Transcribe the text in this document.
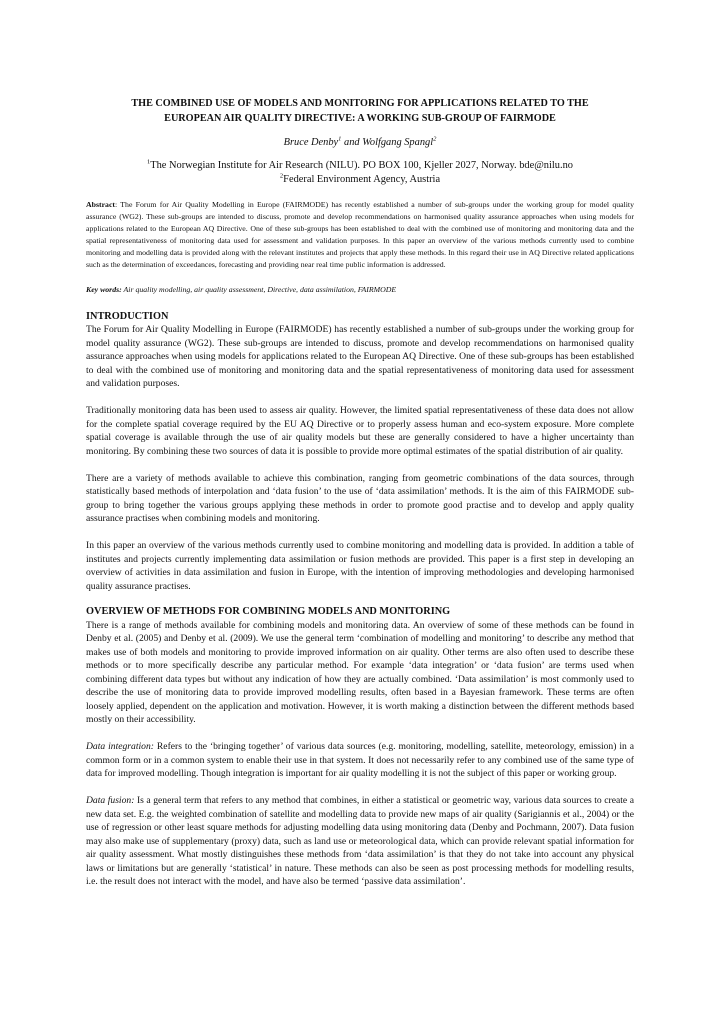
THE COMBINED USE OF MODELS AND MONITORING FOR APPLICATIONS RELATED TO THE
EUROPEAN AIR QUALITY DIRECTIVE: A WORKING SUB-GROUP OF FAIRMODE
Bruce Denby$^1$ and Wolfgang Spangl$^2$
$^1$The Norwegian Institute for Air Research (NILU). PO BOX 100, Kjeller 2027, Norway. bde@nilu.no
$^2$Federal Environment Agency, Austria
Abstract: The Forum for Air Quality Modelling in Europe (FAIRMODE) has recently established a number of sub-groups under the working group for model quality assurance (WG2). These sub-groups are intended to discuss, promote and develop recommendations on harmonised quality assurance approaches when using models for applications related to the European AQ Directive. One of these sub-groups has been established to deal with the combined use of monitoring and monitoring data and the spatial representativeness of monitoring data used for assessment and validation purposes. In this paper an overview of the various methods currently used to combine monitoring and modelling data is provided along with the relevant institutes and projects that apply these methods. In this regard their use in AQ Directive related applications such as the determination of exceedances, forecasting and providing near real time public information is addressed.
Key words: Air quality modelling, air quality assessment, Directive, data assimilation, FAIRMODE
INTRODUCTION

The Forum for Air Quality Modelling in Europe (FAIRMODE) has recently established a number of sub-groups under the working group for model quality assurance (WG2). These sub-groups are intended to discuss, promote and develop recommendations on harmonised quality assurance approaches when using models for applications related to the European AQ Directive. One of these sub-groups has been established to deal with the combined use of monitoring and monitoring data and the spatial representativeness of monitoring data used for assessment and validation purposes.

Traditionally monitoring data has been used to assess air quality. However, the limited spatial representativeness of these data does not allow for the complete spatial coverage required by the EU AQ Directive or to properly assess human and eco-system exposure. More complete spatial coverage is available through the use of air quality models but these are generally considered to have a higher uncertainty than monitoring. By combining these two sources of data it is possible to provide more optimal estimates of the spatial distribution of air quality.

There are a variety of methods available to achieve this combination, ranging from geometric combinations of the data sources, through statistically based methods of interpolation and ‘data fusion’ to the use of ‘data assimilation’ methods. It is the aim of this FAIRMODE sub-group to bring together the various groups applying these methods in order to promote good practise and to develop and apply quality assurance practises when combining models and monitoring.

In this paper an overview of the various methods currently used to combine monitoring and modelling data is provided. In addition a table of institutes and projects currently implementing data assimilation or fusion methods are provided. This paper is a first step in developing an overview of activities in data assimilation and fusion in Europe, with the intention of improving methodologies and developing harmonised quality assurance practises.

OVERVIEW OF METHODS FOR COMBINING MODELS AND MONITORING

There is a range of methods available for combining models and monitoring data. An overview of some of these methods can be found in Denby et al. (2005) and Denby et al. (2009). We use the general term ‘combination of modelling and monitoring’ to describe any method that makes use of both models and monitoring to provide improved information on air quality. Other terms are also often used to describe these methods or to more specifically describe any particular method. For example ‘data integration’ or ‘data fusion’ are terms used when combining different data types but without any indication of how they are actually combined. ‘Data assimilation’ is most commonly used to describe the use of monitoring data to provide improved modelling results, often based in a Bayesian framework. These terms are often loosely applied, dependent on the application and motivation. However, it is worth making a distinction between the different methods based mostly on their accessibility.

Data integration: Refers to the ‘bringing together’ of various data sources (e.g. monitoring, modelling, satellite, meteorology, emission) in a common form or in a common system to enable their use in that system. It does not necessarily refer to any combined use of the same type of data for improved modelling. Though integration is important for air quality modelling it is not the subject of this paper or working group.

Data fusion: Is a general term that refers to any method that combines, in either a statistical or geometric way, various data sources to create a new data set. E.g. the weighted combination of satellite and modelling data to provide new maps of air quality (Sarigiannis et al., 2004) or the use of regression or other least square methods for adjusting modelling data using monitoring data (Denby and Pochmann, 2007). Data fusion may also make use of supplementary (proxy) data, such as land use or meteorological data, which can provide relevant spatial information for air quality assessment. What mostly distinguishes these methods from ‘data assimilation’ is that they do not take into account any physical laws or limitations but are generally ‘statistical’ in nature. These methods can also be seen as post processing methods for modelling results, i.e. the result does not interact with the model, and have also be termed ‘passive data assimilation’.
